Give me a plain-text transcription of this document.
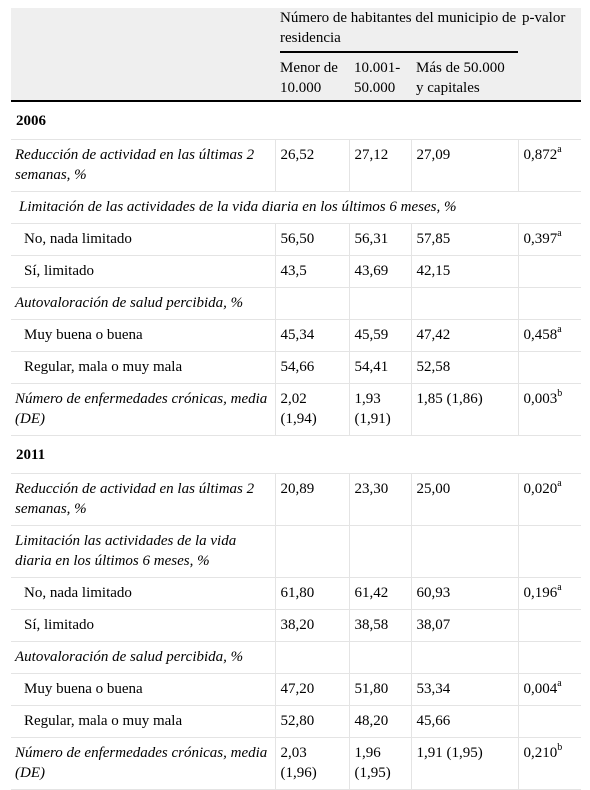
	Número de habitantes del municipio de residencia			p-valor
	Menor de 10.000	10.001-50.000	Más de 50.000 y capitales	

2006				
Reducción de actividad en las últimas 2 semanas, %	26,52	27,12	27,09	0,872$^a$
Limitación de las actividades de la vida diaria en los últimos 6 meses, %				
No, nada limitado	56,50	56,31	57,85	0,397$^a$
Sí, limitado	43,5	43,69	42,15	
Autovaloración de salud percibida, %				
Muy buena o buena	45,34	45,59	47,42	0,458$^a$
Regular, mala o muy mala	54,66	54,41	52,58	
Número de enfermedades crónicas, media (DE)	2,02 (1,94)	1,93 (1,91)	1,85 (1,86)	0,003$^b$
2011				
Reducción de actividad en las últimas 2 semanas, %	20,89	23,30	25,00	0,020$^a$
Limitación las actividades de la vida diaria en los últimos 6 meses, %				
No, nada limitado	61,80	61,42	60,93	0,196$^a$
Sí, limitado	38,20	38,58	38,07	
Autovaloración de salud percibida, %				
Muy buena o buena	47,20	51,80	53,34	0,004$^a$
Regular, mala o muy mala	52,80	48,20	45,66	
Número de enfermedades crónicas, media (DE)	2,03 (1,96)	1,96 (1,95)	1,91 (1,95)	0,210$^b$
